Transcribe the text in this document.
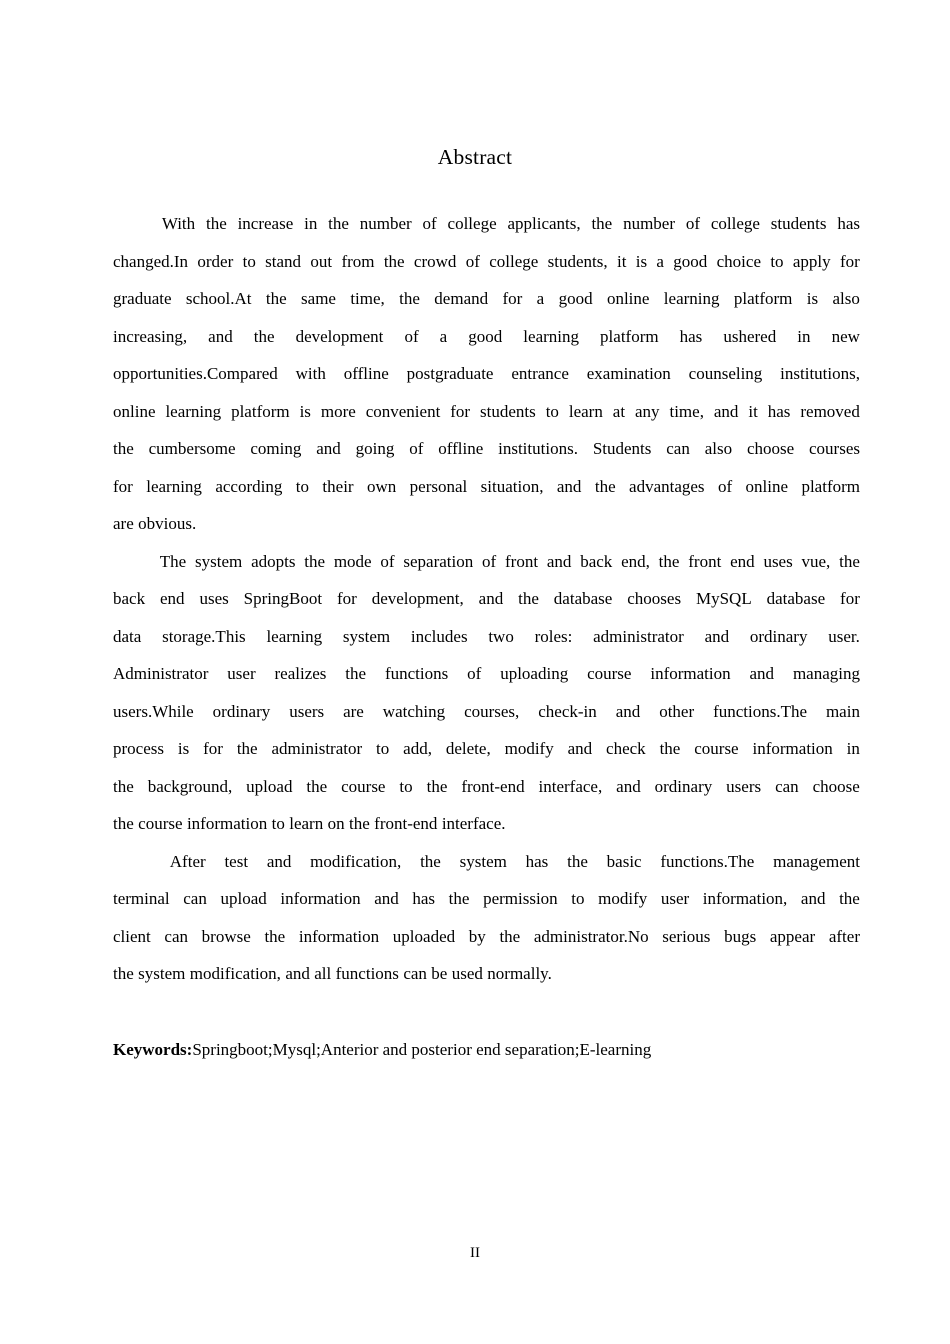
Abstract
With the increase in the number of college applicants, the number of college students has
changed.In order to stand out from the crowd of college students, it is a good choice to apply for
graduate school.At the same time, the demand for a good online learning platform is also
increasing, and the development of a good learning platform has ushered in new
opportunities.Compared with offline postgraduate entrance examination counseling institutions,
online learning platform is more convenient for students to learn at any time, and it has removed
the cumbersome coming and going of offline institutions. Students can also choose courses
for learning according to their own personal situation, and the advantages of online platform
are obvious.
The system adopts the mode of separation of front and back end, the front end uses vue, the
back end uses SpringBoot for development, and the database chooses MySQL database for
data storage.This learning system includes two roles: administrator and ordinary user.
Administrator user realizes the functions of uploading course information and managing
users.While ordinary users are watching courses, check-in and other functions.The main
process is for the administrator to add, delete, modify and check the course information in
the background, upload the course to the front-end interface, and ordinary users can choose
the course information to learn on the front-end interface.
After test and modification, the system has the basic functions.The management
terminal can upload information and has the permission to modify user information, and the
client can browse the information uploaded by the administrator.No serious bugs appear after
the system modification, and all functions can be used normally.
Keywords:Springboot;Mysql;Anterior and posterior end separation;E-learning
II
